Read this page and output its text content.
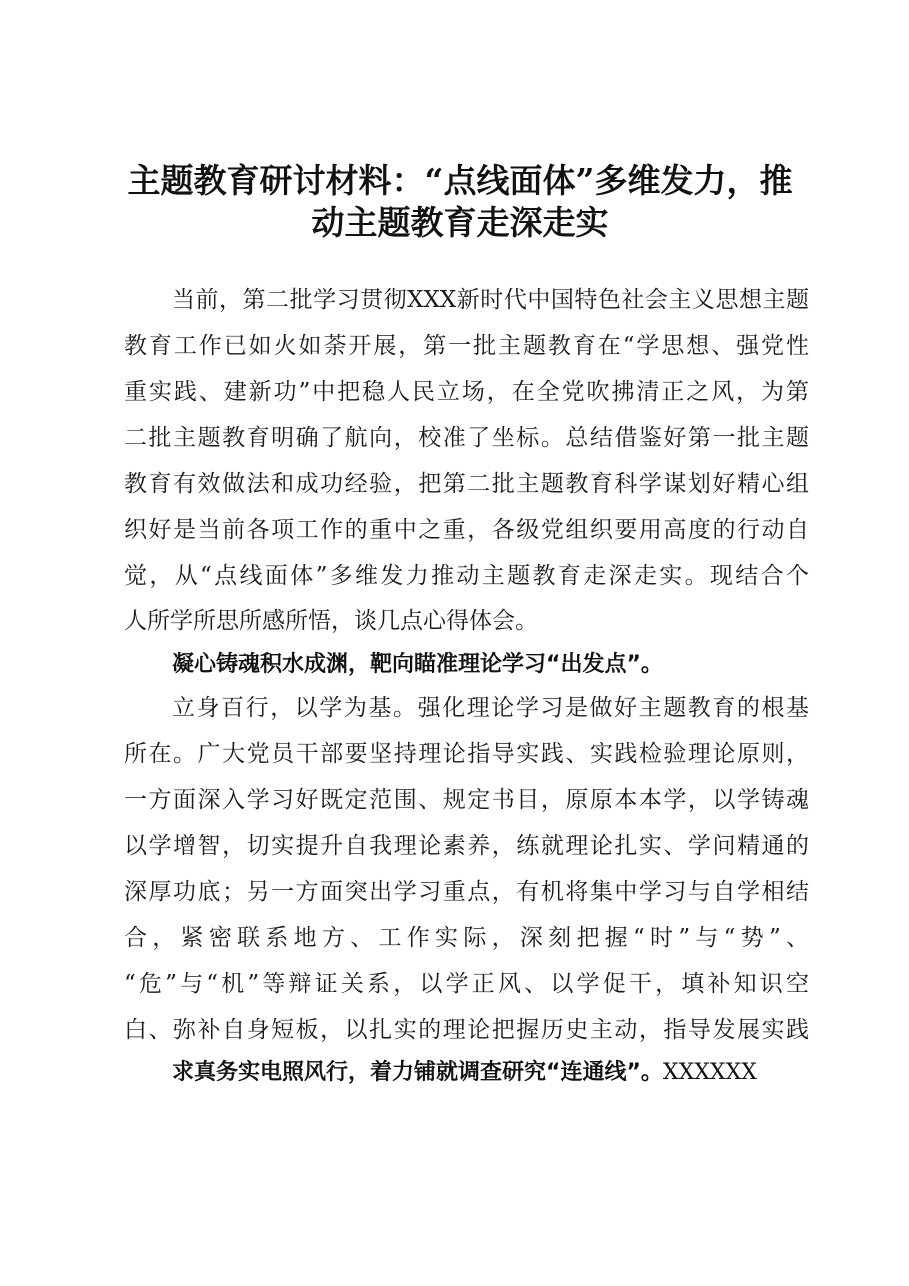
主题教育研讨材料：“点线面体”多维发力，推
动主题教育走深走实
当前，第二批学习贯彻XXX新时代中国特色社会主义思想主题
教育工作已如火如荼开展，第一批主题教育在“学思想、强党性
重实践、建新功”中把稳人民立场，在全党吹拂清正之风，为第
二批主题教育明确了航向，校准了坐标。总结借鉴好第一批主题
教育有效做法和成功经验，把第二批主题教育科学谋划好精心组
织好是当前各项工作的重中之重，各级党组织要用高度的行动自
觉，从“点线面体”多维发力推动主题教育走深走实。现结合个
人所学所思所感所悟，谈几点心得体会。
凝心铸魂积水成渊，靶向瞄准理论学习“出发点”。
立身百行，以学为基。强化理论学习是做好主题教育的根基
所在。广大党员干部要坚持理论指导实践、实践检验理论原则，
一方面深入学习好既定范围、规定书目，原原本本学，以学铸魂
以学增智，切实提升自我理论素养，练就理论扎实、学问精通的
深厚功底；另一方面突出学习重点，有机将集中学习与自学相结
合，紧密联系地方、工作实际，深刻把握“时”与“势”、
“危”与“机”等辩证关系，以学正风、以学促干，填补知识空
白、弥补自身短板，以扎实的理论把握历史主动，指导发展实践
求真务实电照风行，着力铺就调查研究“连通线”。XXXXXX
